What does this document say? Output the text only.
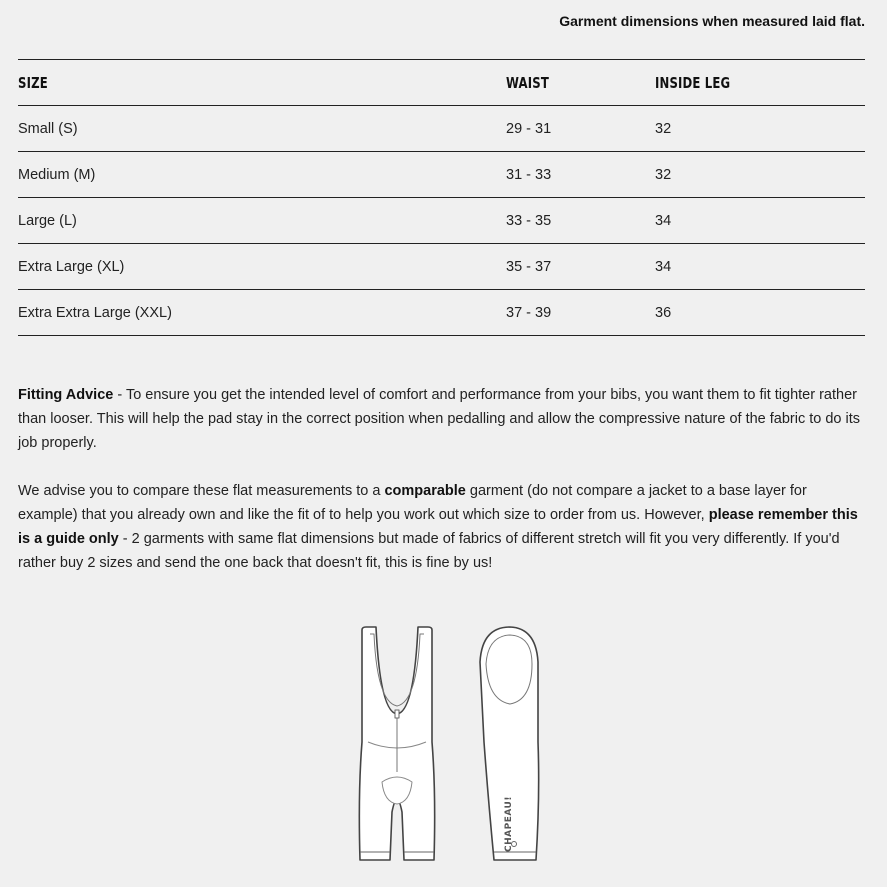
Garment dimensions when measured laid flat.
SIZE	WAIST	INSIDE LEG
Small (S)	29 - 31	32
Medium (M)	31 - 33	32
Large (L)	33 - 35	34
Extra Large (XL)	35 - 37	34
Extra Extra Large (XXL)	37 - 39	36

Fitting Advice - To ensure you get the intended level of comfort and performance from your bibs, you want them to fit tighter rather than looser. This will help the pad stay in the correct position when pedalling and allow the compressive nature of the fabric to do its job properly.

We advise you to compare these flat measurements to a comparable garment (do not compare a jacket to a base layer for example) that you already own and like the fit of to help you work out which size to order from us. However, please remember this is a guide only - 2 garments with same flat dimensions but made of fabrics of different stretch will fit you very differently. If you'd rather buy 2 sizes and send the one back that doesn't fit, this is fine by us!

CHAPEAU!
